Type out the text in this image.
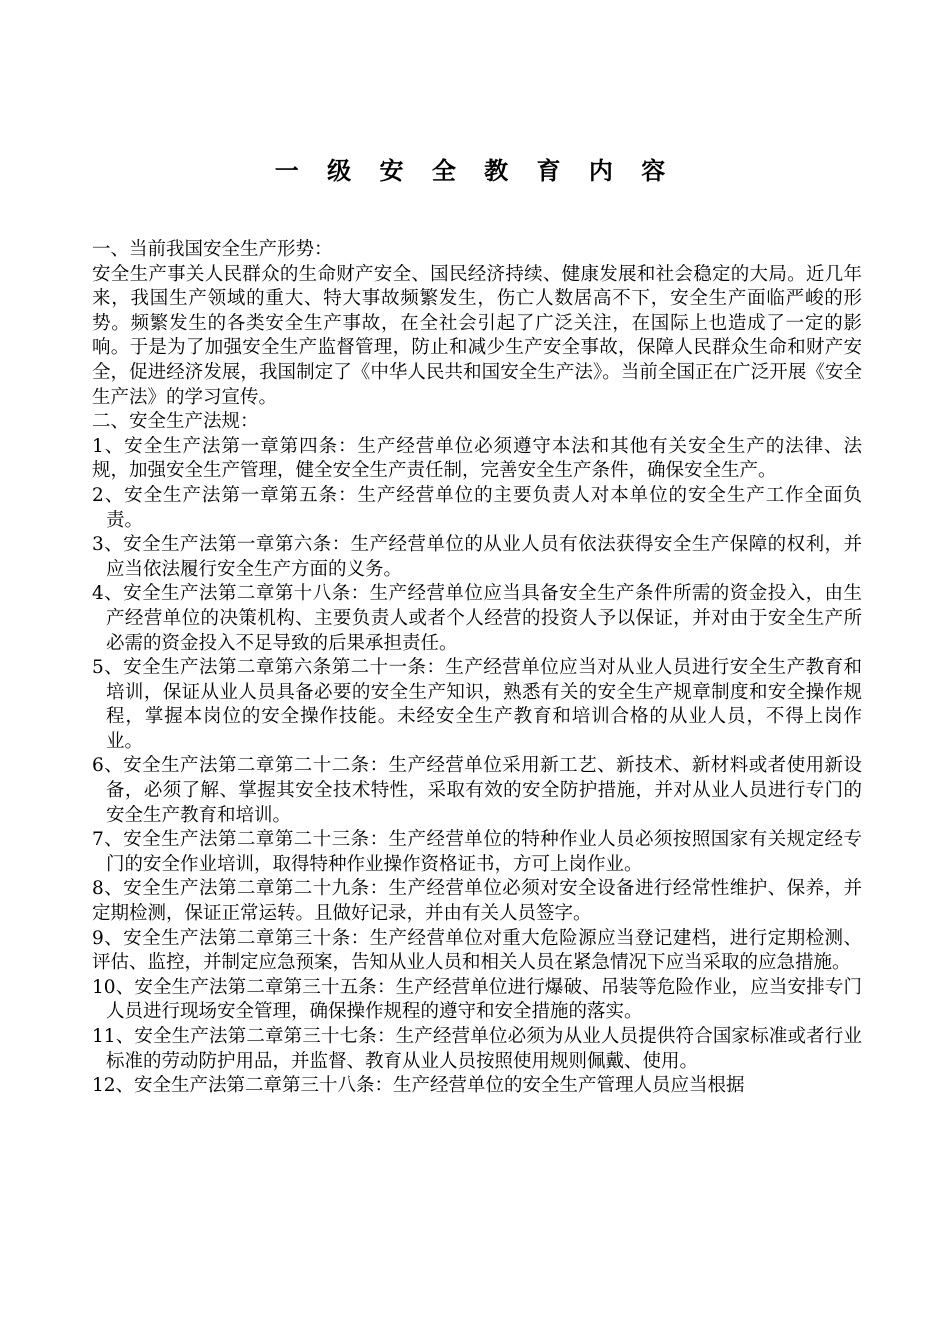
一 级 安 全 教 育 内 容

一、当前我国安全生产形势：

安全生产事关人民群众的生命财产安全、国民经济持续、健康发展和社会稳定的大局。近几年来，我国生产领域的重大、特大事故频繁发生，伤亡人数居高不下，安全生产面临严峻的形势。频繁发生的各类安全生产事故，在全社会引起了广泛关注，在国际上也造成了一定的影响。于是为了加强安全生产监督管理，防止和减少生产安全事故，保障人民群众生命和财产安全，促进经济发展，我国制定了《中华人民共和国安全生产法》。当前全国正在广泛开展《安全生产法》的学习宣传。

二、安全生产法规：

1、安全生产法第一章第四条：生产经营单位必须遵守本法和其他有关安全生产的法律、法规，加强安全生产管理，健全安全生产责任制，完善安全生产条件，确保安全生产。

2、安全生产法第一章第五条：生产经营单位的主要负责人对本单位的安全生产工作全面负责。

3、安全生产法第一章第六条：生产经营单位的从业人员有依法获得安全生产保障的权利，并应当依法履行安全生产方面的义务。

4、安全生产法第二章第十八条：生产经营单位应当具备安全生产条件所需的资金投入，由生产经营单位的决策机构、主要负责人或者个人经营的投资人予以保证，并对由于安全生产所必需的资金投入不足导致的后果承担责任。

5、安全生产法第二章第六条第二十一条：生产经营单位应当对从业人员进行安全生产教育和培训，保证从业人员具备必要的安全生产知识，熟悉有关的安全生产规章制度和安全操作规程，掌握本岗位的安全操作技能。未经安全生产教育和培训合格的从业人员，不得上岗作业。

6、安全生产法第二章第二十二条：生产经营单位采用新工艺、新技术、新材料或者使用新设备，必须了解、掌握其安全技术特性，采取有效的安全防护措施，并对从业人员进行专门的安全生产教育和培训。

7、安全生产法第二章第二十三条：生产经营单位的特种作业人员必须按照国家有关规定经专门的安全作业培训，取得特种作业操作资格证书，方可上岗作业。

8、安全生产法第二章第二十九条：生产经营单位必须对安全设备进行经常性维护、保养，并定期检测，保证正常运转。且做好记录，并由有关人员签字。

9、安全生产法第二章第三十条：生产经营单位对重大危险源应当登记建档，进行定期检测、评估、监控，并制定应急预案，告知从业人员和相关人员在紧急情况下应当采取的应急措施。

10、安全生产法第二章第三十五条：生产经营单位进行爆破、吊装等危险作业，应当安排专门人员进行现场安全管理，确保操作规程的遵守和安全措施的落实。

11、安全生产法第二章第三十七条：生产经营单位必须为从业人员提供符合国家标准或者行业标准的劳动防护用品，并监督、教育从业人员按照使用规则佩戴、使用。

12、安全生产法第二章第三十八条：生产经营单位的安全生产管理人员应当根据
